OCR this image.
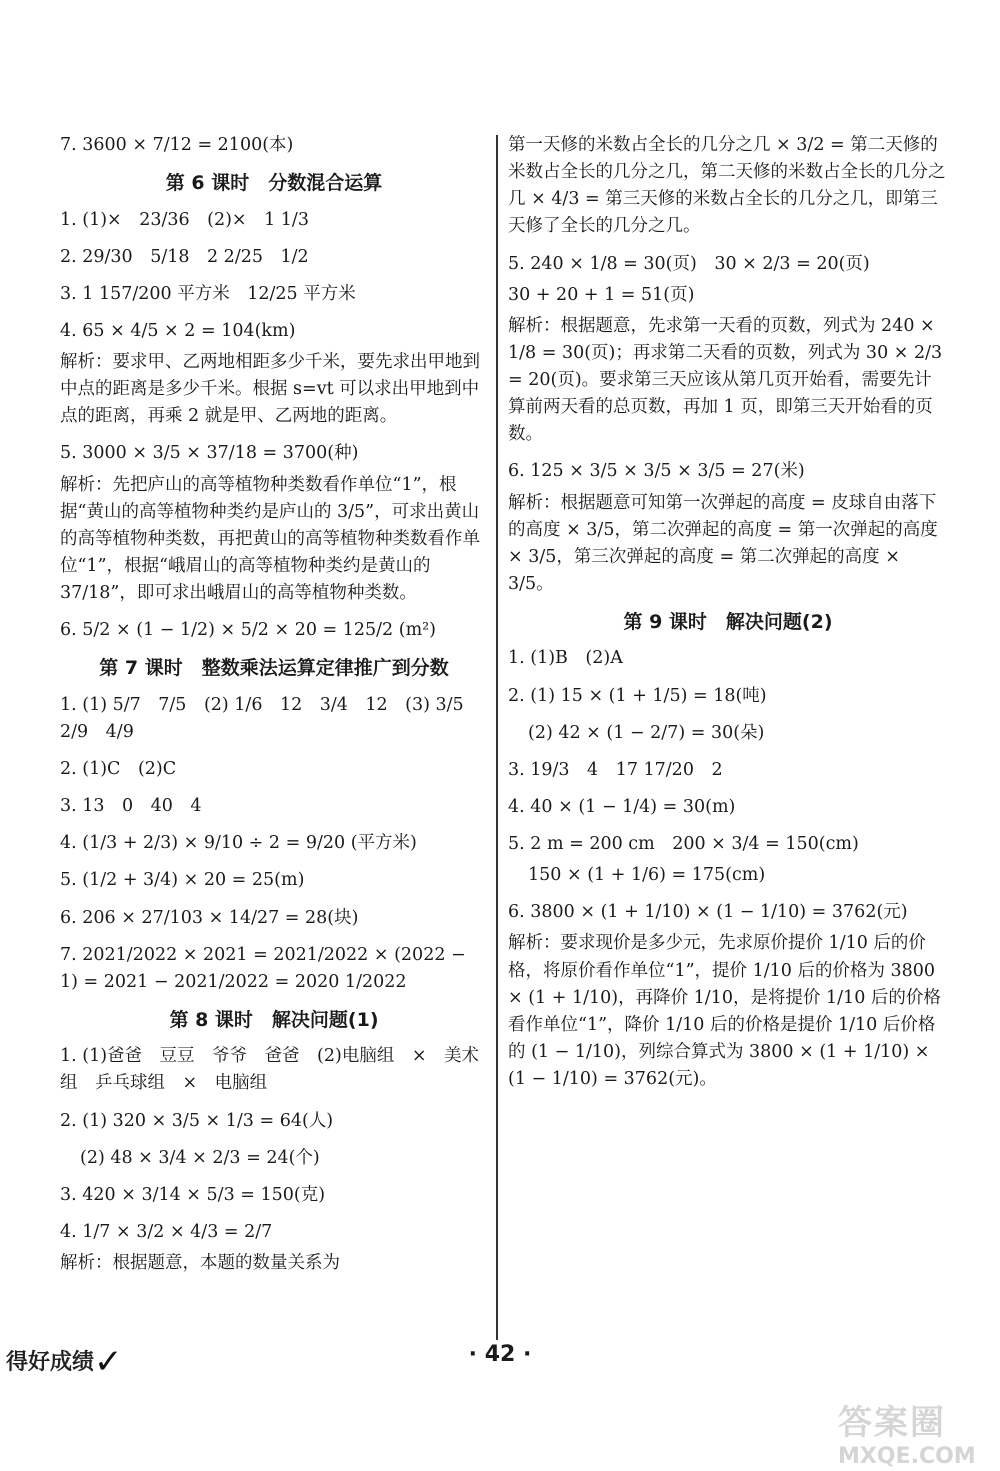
7. 3600 × 7/12 = 2100(本)
第 6 课时　分数混合运算
1. (1)×　23/36　(2)×　1 1/3
2. 29/30　5/18　2 2/25　1/2
3. 1 157/200 平方米　12/25 平方米
4. 65 × 4/5 × 2 = 104(km)
解析：要求甲、乙两地相距多少千米，要先求出甲地到中点的距离是多少千米。根据 s=vt 可以求出甲地到中点的距离，再乘 2 就是甲、乙两地的距离。
5. 3000 × 3/5 × 37/18 = 3700(种)
解析：先把庐山的高等植物种类数看作单位“1”，根据“黄山的高等植物种类约是庐山的 3/5”，可求出黄山的高等植物种类数，再把黄山的高等植物种类数看作单位“1”，根据“峨眉山的高等植物种类约是黄山的 37/18”，即可求出峨眉山的高等植物种类数。
6. 5/2 × (1 − 1/2) × 5/2 × 20 = 125/2 (m²)
第 7 课时　整数乘法运算定律推广到分数
1. (1) 5/7　7/5　(2) 1/6　12　3/4　12　(3) 3/5　2/9　4/9
2. (1)C　(2)C
3. 13　0　40　4
4. (1/3 + 2/3) × 9/10 ÷ 2 = 9/20 (平方米)
5. (1/2 + 3/4) × 20 = 25(m)
6. 206 × 27/103 × 14/27 = 28(块)
7. 2021/2022 × 2021 = 2021/2022 × (2022 − 1) = 2021 − 2021/2022 = 2020 1/2022
第 8 课时　解决问题(1)
1. (1)爸爸　豆豆　爷爷　爸爸　(2)电脑组　×　美术组　乒乓球组　×　电脑组
2. (1) 320 × 3/5 × 1/3 = 64(人)
(2) 48 × 3/4 × 2/3 = 24(个)
3. 420 × 3/14 × 5/3 = 150(克)
4. 1/7 × 3/2 × 4/3 = 2/7
解析：根据题意，本题的数量关系为
第一天修的米数占全长的几分之几 × 3/2 = 第二天修的米数占全长的几分之几，第二天修的米数占全长的几分之几 × 4/3 = 第三天修的米数占全长的几分之几，即第三天修了全长的几分之几。
5. 240 × 1/8 = 30(页)　30 × 2/3 = 20(页)
30 + 20 + 1 = 51(页)
解析：根据题意，先求第一天看的页数，列式为 240 × 1/8 = 30(页)；再求第二天看的页数，列式为 30 × 2/3 = 20(页)。要求第三天应该从第几页开始看，需要先计算前两天看的总页数，再加 1 页，即第三天开始看的页数。
6. 125 × 3/5 × 3/5 × 3/5 = 27(米)
解析：根据题意可知第一次弹起的高度 = 皮球自由落下的高度 × 3/5，第二次弹起的高度 = 第一次弹起的高度 × 3/5，第三次弹起的高度 = 第二次弹起的高度 × 3/5。
第 9 课时　解决问题(2)
1. (1)B　(2)A
2. (1) 15 × (1 + 1/5) = 18(吨)
(2) 42 × (1 − 2/7) = 30(朵)
3. 19/3　4　17 17/20　2
4. 40 × (1 − 1/4) = 30(m)
5. 2 m = 200 cm　200 × 3/4 = 150(cm)
150 × (1 + 1/6) = 175(cm)
6. 3800 × (1 + 1/10) × (1 − 1/10) = 3762(元)
解析：要求现价是多少元，先求原价提价 1/10 后的价格，将原价看作单位“1”，提价 1/10 后的价格为 3800 × (1 + 1/10)，再降价 1/10，是将提价 1/10 后的价格看作单位“1”，降价 1/10 后的价格是提价 1/10 后价格的 (1 − 1/10)，列综合算式为 3800 × (1 + 1/10) × (1 − 1/10) = 3762(元)。
得好成绩✓	· 42 ·
答案圈
MXQE.COM
